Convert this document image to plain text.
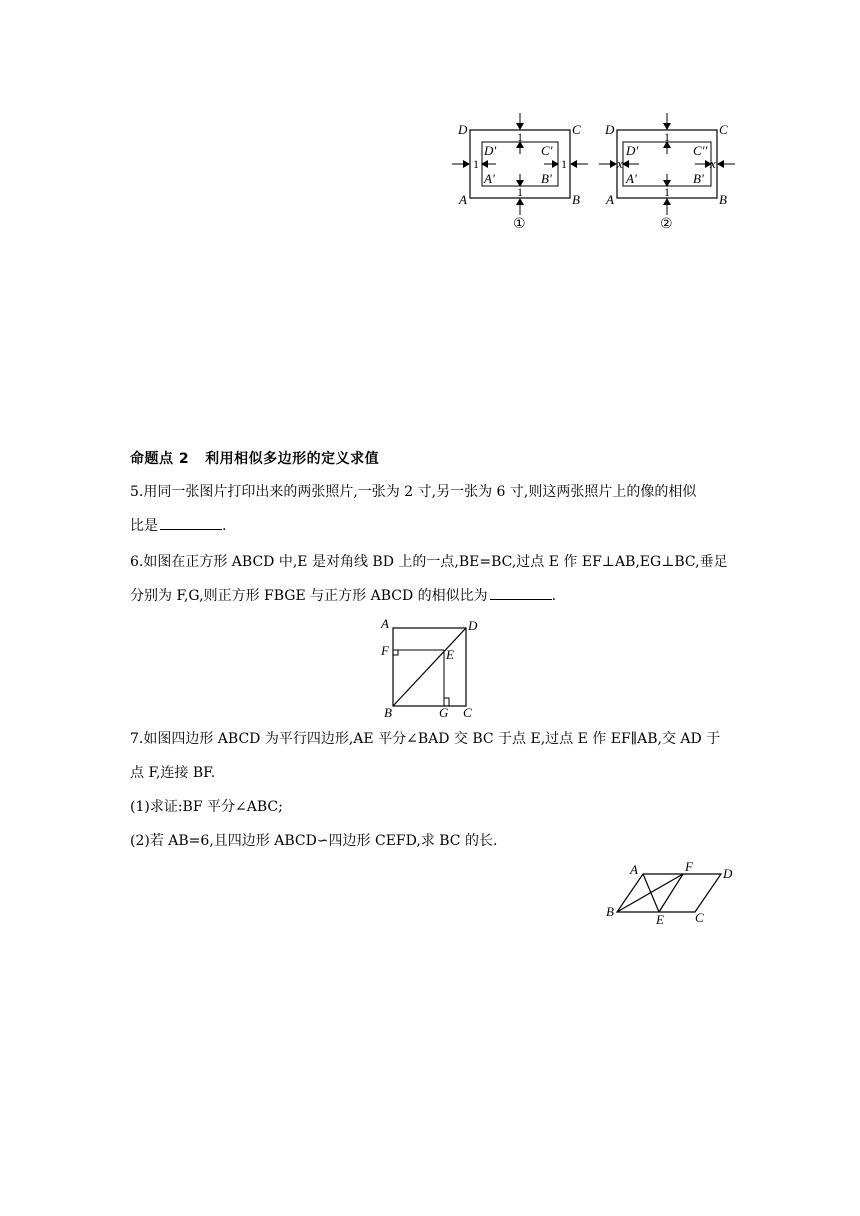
D	C
A	B
D'	C'
A'	B'
1
1
1	1
①
D	C
A	B
D'	C''
A'	B'
1
1
x	x
②
命题点 2 利用相似多边形的定义求值
5.用同一张图片打印出来的两张照片,一张为 2 寸,另一张为 6 寸,则这两张照片上的像的相似
比是	.
6.如图在正方形 ABCD 中,E 是对角线 BD 上的一点,BE=BC,过点 E 作 EF⊥AB,EG⊥BC,垂足
分别为 F,G,则正方形 FBGE 与正方形 ABCD 的相似比为	.
A	D
F	E
B	G C
7.如图四边形 ABCD 为平行四边形,AE 平分∠BAD 交 BC 于点 E,过点 E 作 EF∥AB,交 AD 于
点 F,连接 BF.
(1)求证:BF 平分∠ABC;
(2)若 AB=6,且四边形 ABCD∽四边形 CEFD,求 BC 的长.
A	F D
B
E C
